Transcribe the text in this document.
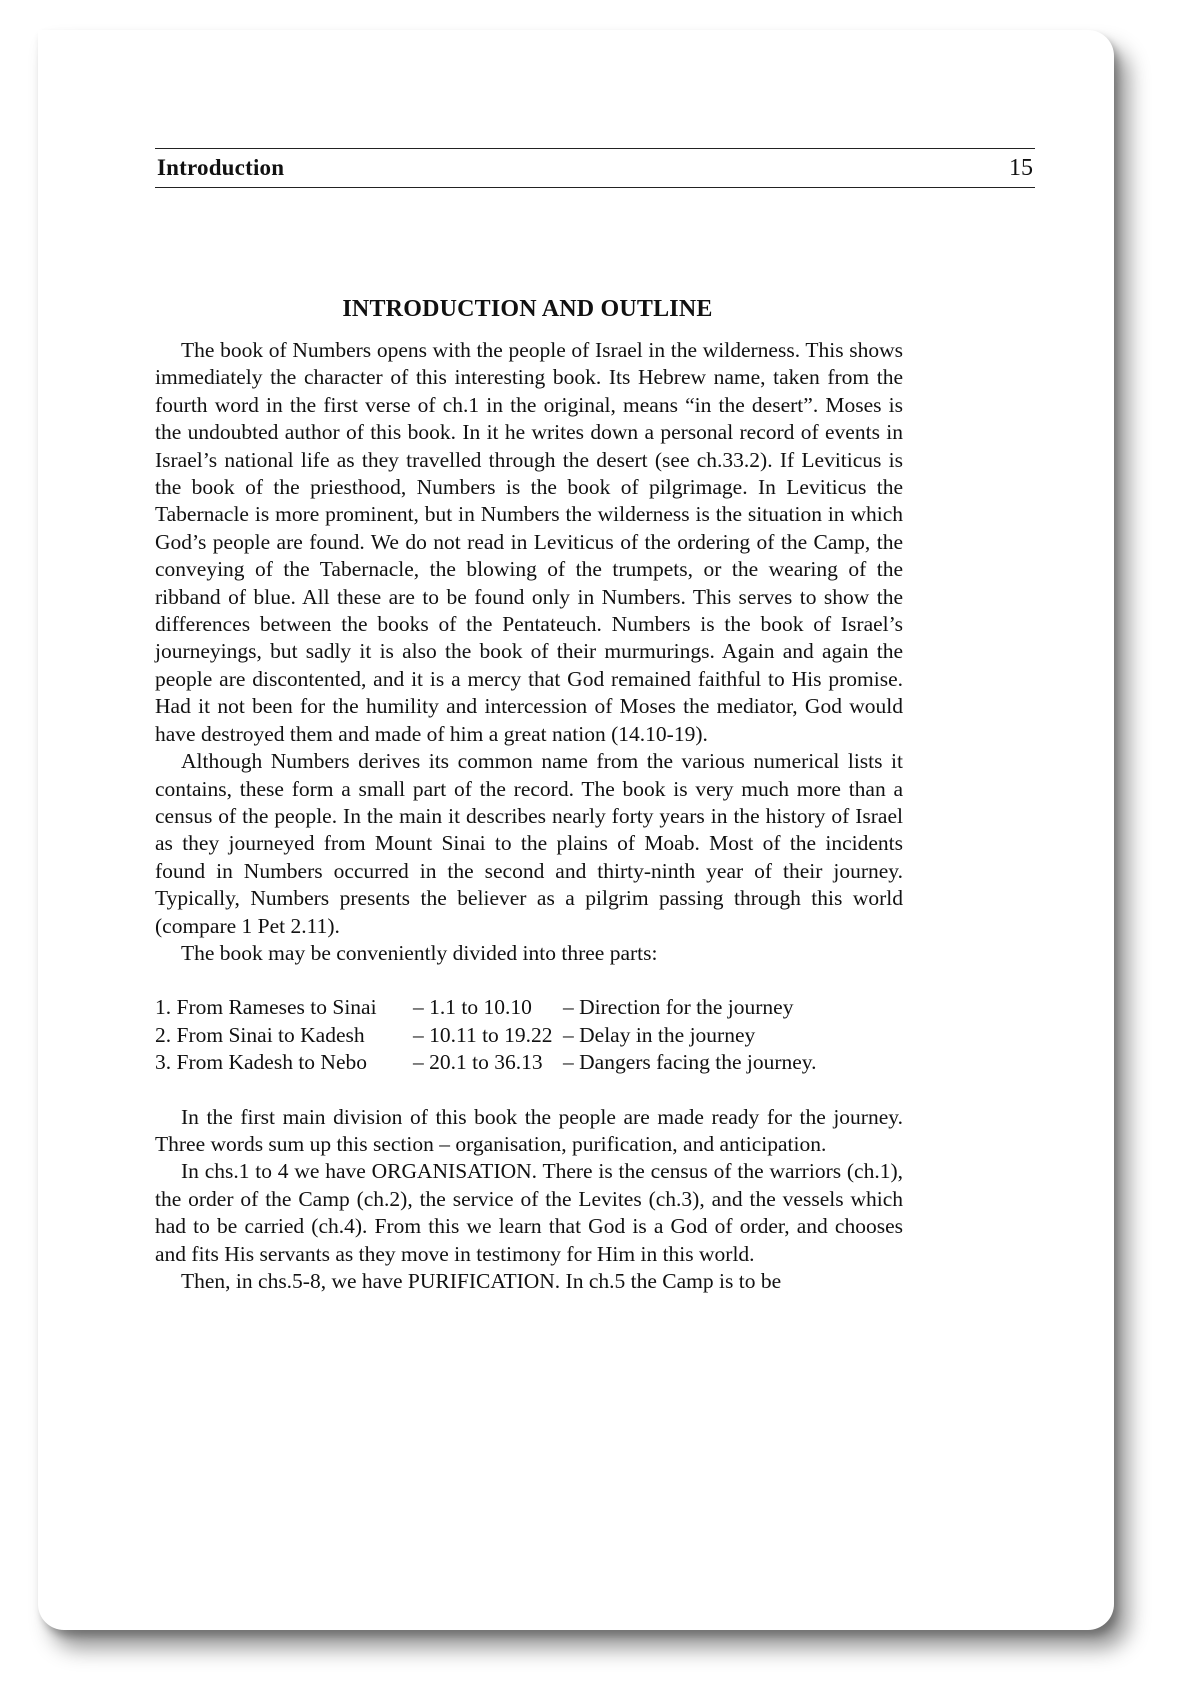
Introduction	15
INTRODUCTION AND OUTLINE

The book of Numbers opens with the people of Israel in the wilderness. This shows immediately the character of this interesting book. Its Hebrew name, taken from the fourth word in the first verse of ch.1 in the original, means “in the desert”. Moses is the undoubted author of this book. In it he writes down a personal record of events in Israel’s national life as they travelled through the desert (see ch.33.2). If Leviticus is the book of the priesthood, Numbers is the book of pilgrimage. In Leviticus the Tabernacle is more prominent, but in Numbers the wilderness is the situation in which God’s people are found. We do not read in Leviticus of the ordering of the Camp, the conveying of the Tabernacle, the blowing of the trumpets, or the wearing of the ribband of blue. All these are to be found only in Numbers. This serves to show the differences between the books of the Pentateuch. Numbers is the book of Israel’s journeyings, but sadly it is also the book of their murmurings. Again and again the people are discontented, and it is a mercy that God remained faithful to His promise. Had it not been for the humility and intercession of Moses the mediator, God would have destroyed them and made of him a great nation (14.10-19).

Although Numbers derives its common name from the various numerical lists it contains, these form a small part of the record. The book is very much more than a census of the people. In the main it describes nearly forty years in the history of Israel as they journeyed from Mount Sinai to the plains of Moab. Most of the incidents found in Numbers occurred in the second and thirty-ninth year of their journey. Typically, Numbers presents the believer as a pilgrim passing through this world (compare 1 Pet 2.11).

The book may be conveniently divided into three parts:

1. From Rameses to Sinai	– 1.1 to 10.10	– Direction for the journey
2. From Sinai to Kadesh	– 10.11 to 19.22 – Delay in the journey
3. From Kadesh to Nebo	– 20.1 to 36.13 – Dangers facing the journey.

In the first main division of this book the people are made ready for the journey. Three words sum up this section – organisation, purification, and anticipation.

In chs.1 to 4 we have ORGANISATION. There is the census of the warriors (ch.1), the order of the Camp (ch.2), the service of the Levites (ch.3), and the vessels which had to be carried (ch.4). From this we learn that God is a God of order, and chooses and fits His servants as they move in testimony for Him in this world.

Then, in chs.5-8, we have PURIFICATION. In ch.5 the Camp is to be
